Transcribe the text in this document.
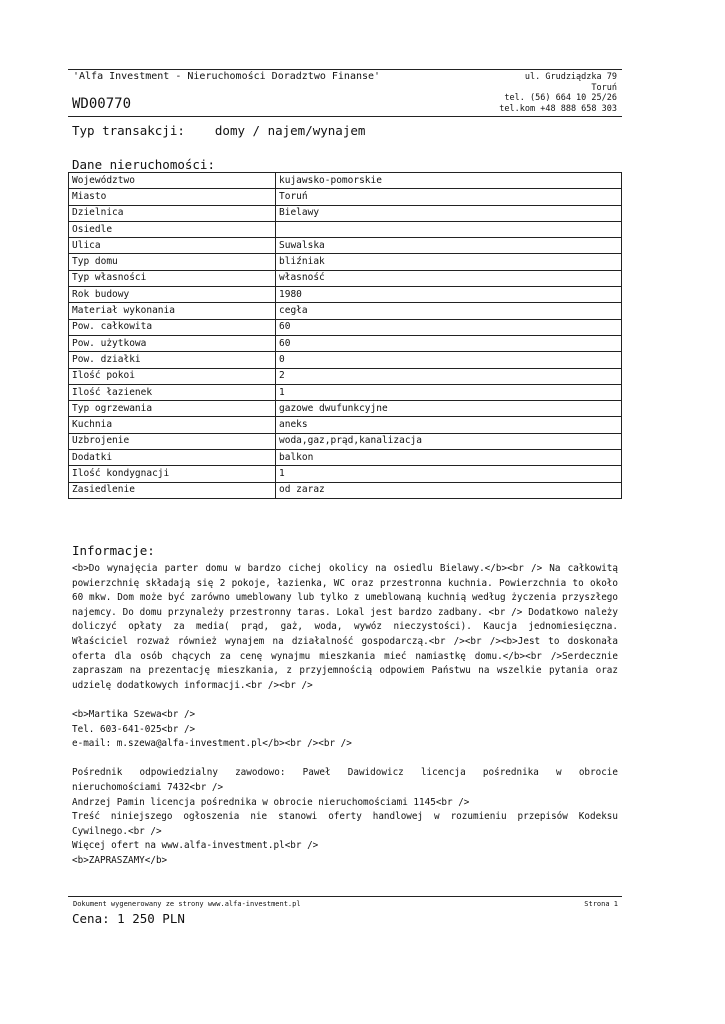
'Alfa Investment - Nieruchomości Doradztwo Finanse'	ul. Grudziądzka 79
Toruń
tel. (56) 664 10 25/26
tel.kom +48 888 658 303
WD00770
Typ transakcji: domy / najem/wynajem
Dane nieruchomości:
Województwo	kujawsko-pomorskie
Miasto	Toruń
Dzielnica	Bielawy
Osiedle	
Ulica	Suwalska
Typ domu	bliźniak
Typ własności	własność
Rok budowy	1980
Materiał wykonania	cegła
Pow. całkowita	60
Pow. użytkowa	60
Pow. działki	0
Ilość pokoi	2
Ilość łazienek	1
Typ ogrzewania	gazowe dwufunkcyjne
Kuchnia	aneks
Uzbrojenie	woda,gaz,prąd,kanalizacja
Dodatki	balkon
Ilość kondygnacji	1
Zasiedlenie	od zaraz
Informacje:

<b>Do wynajęcia parter domu w bardzo cichej okolicy na osiedlu Bielawy.</b><br /> Na całkowitą powierzchnię składają się 2 pokoje, łazienka, WC oraz przestronna kuchnia. Powierzchnia to około 60 mkw. Dom może być zarówno umeblowany lub tylko z umeblowaną kuchnią według życzenia przyszłego najemcy. Do domu przynależy przestronny taras. Lokal jest bardzo zadbany. <br /> Dodatkowo należy doliczyć opłaty za media( prąd, gaż, woda, wywóz nieczystości). Kaucja jednomiesięczna. Właściciel rozważ również wynajem na działalność gospodarczą.<br /><br /><b>Jest to doskonała oferta dla osób chących za cenę wynajmu mieszkania mieć namiastkę domu.</b><br />Serdecznie zapraszam na prezentację mieszkania, z przyjemnością odpowiem Państwu na wszelkie pytania oraz udzielę dodatkowych informacji.<br /><br />

<b>Martika Szewa<br />

Tel. 603-641-025<br />

e-mail: m.szewa@alfa-investment.pl</b><br /><br />

Pośrednik odpowiedzialny zawodowo: Paweł Dawidowicz licencja pośrednika w obrocie nieruchomościami 7432<br />

Andrzej Pamin licencja pośrednika w obrocie nieruchomościami 1145<br />

Treść niniejszego ogłoszenia nie stanowi oferty handlowej w rozumieniu przepisów Kodeksu Cywilnego.<br />

Więcej ofert na www.alfa-investment.pl<br />

<b>ZAPRASZAMY</b>

Dokument wygenerowany ze strony www.alfa-investment.pl	Strona 1
Cena: 1 250 PLN
